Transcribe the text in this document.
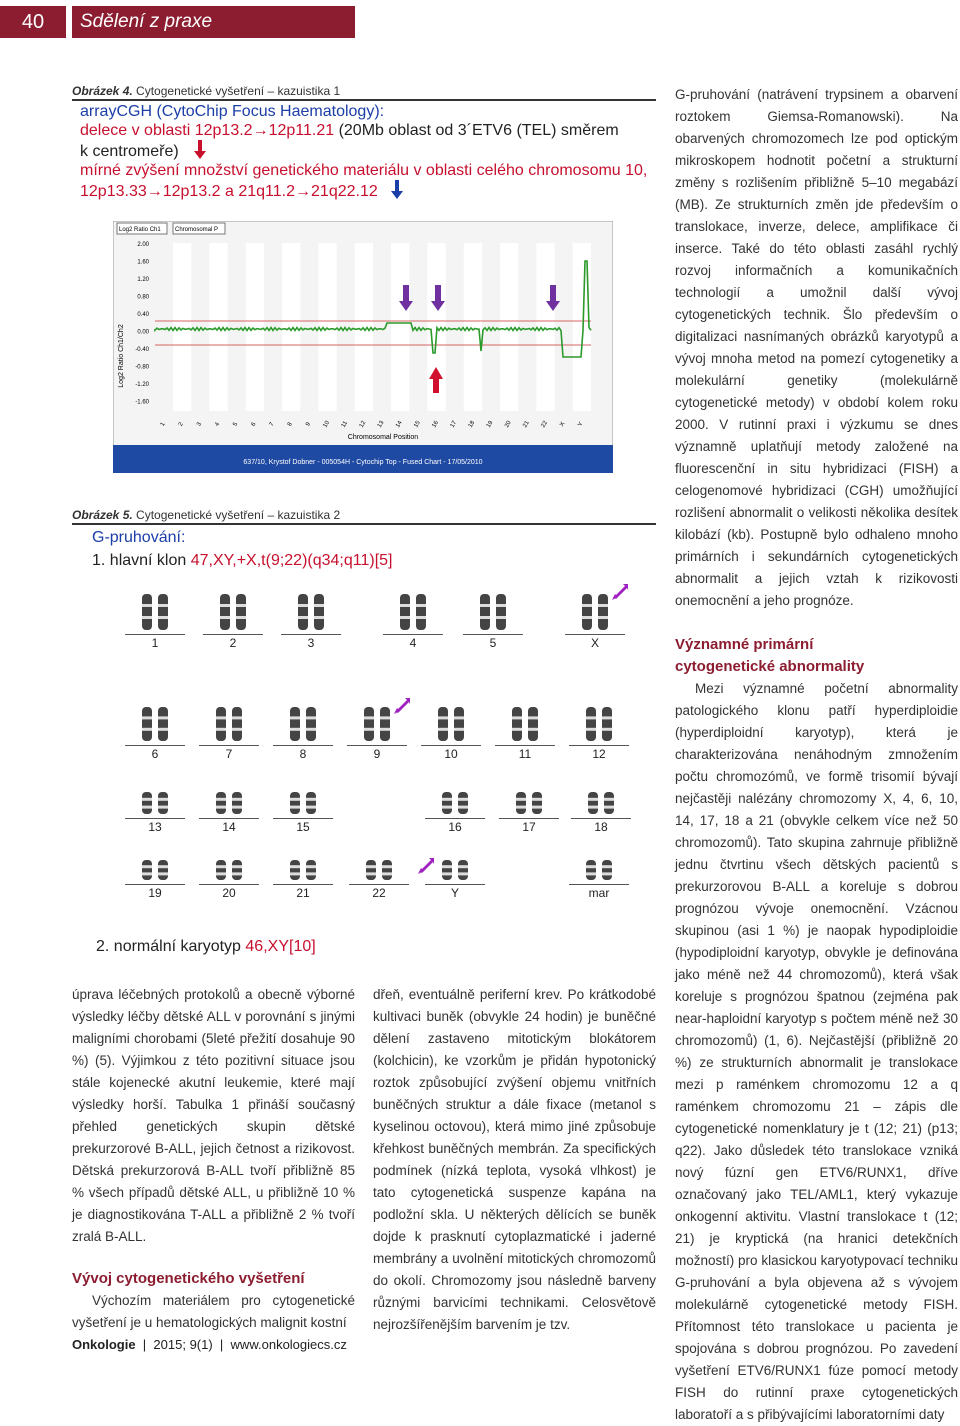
40	Sdělení z praxe
Obrázek 4. Cytogenetické vyšetření – kazuistika 1
arrayCGH (CytoChip Focus Haematology):
delece v oblasti 12p13.2→12p11.21 (20Mb oblast od 3´ETV6 (TEL) směrem
k centromeře)
mírné zvýšení množství genetického materiálu v oblasti celého chromosomu 10,
12p13.33→12p13.2 a 21q11.2→21q22.12
Log2 Ratio Ch1 Chromosomal P
Log2 Ratio Ch1/Ch2
2.00
1.60
1.20
0.80
0.40
0.00
-0.40
-0.80
-1.20
-1.60
1 2 3 4 5 6 7 8 9 10 11 12 13 14 15 16 17 18 19 20 21 22 X Y
Chromosomal Position
637/10, Krystof Dobner - 005054H - Cytochip Top - Fused Chart - 17/05/2010
Obrázek 5. Cytogenetické vyšetření – kazuistika 2
G-pruhování:
1. hlavní klon 47,XY,+X,t(9;22)(q34;q11)[5]
1	2	3	4	5	X
6	7	8	9	10	11	12
13	14	15	16	17	18
19	20	21	22	Y	mar
2. normální karyotyp 46,XY[10]

úprava léčebných protokolů a obecně výborné výsledky léčby dětské ALL v porovnání s jinými maligními chorobami (5leté přežití dosahuje 90 %) (5). Výjimkou z této pozitivní situace jsou stále kojenecké akutní leukemie, které mají výsledky horší. Tabulka 1 přináší současný přehled genetických skupin dětské prekurzorové B-ALL, jejich četnost a rizikovost. Dětská prekurzorová B-ALL tvoří přibližně 85 % všech případů dětské ALL, u přibližně 10 % je diagnostikována T-ALL a přibližně 2 % tvoří zralá B-ALL.

Vývoj cytogenetického vyšetření

Výchozím materiálem pro cytogenetické vyšetření je u hematologických malignit kostní

dřeň, eventuálně periferní krev. Po krátkodobé kultivaci buněk (obvykle 24 hodin) je buněčné dělení zastaveno mitotickým blokátorem (kolchicin), ke vzorkům je přidán hypotonický roztok způsobující zvýšení objemu vnitřních buněčných struktur a dále fixace (metanol s kyselinou octovou), která mimo jiné způsobuje křehkost buněčných membrán. Za specifických podmínek (nízká teplota, vysoká vlhkost) je tato cytogenetická suspenze kapána na podložní skla. U některých dělících se buněk dojde k prasknutí cytoplazmatické i jaderné membrány a uvolnění mitotických chromozomů do okolí. Chromozomy jsou následně barveny různými barvicími technikami. Celosvětově nejrozšířenějším barvením je tzv.

G-pruhování (natrávení trypsinem a obarvení roztokem Giemsa-Romanowski). Na obarvených chromozomech lze pod optickým mikroskopem hodnotit početní a strukturní změny s rozlišením přibližně 5–10 megabází (MB). Ze strukturních změn jde především o translokace, inverze, delece, amplifikace či inserce. Také do této oblasti zasáhl rychlý rozvoj informačních a komunikačních technologií a umožnil další vývoj cytogenetických technik. Šlo především o digitalizaci nasnímaných obrázků karyotypů a vývoj mnoha metod na pomezí cytogenetiky a molekulární genetiky (molekulárně cytogenetické metody) v období kolem roku 2000. V rutinní praxi i výzkumu se dnes významně uplatňují metody založené na fluorescenční in situ hybridizaci (FISH) a celogenomové hybridizaci (CGH) umožňující rozlišení abnormalit o velikosti několika desítek kilobází (kb). Postupně bylo odhaleno mnoho primárních i sekundárních cytogenetických abnormalit a jejich vztah k rizikovosti onemocnění a jeho prognóze.

Významné primární
cytogenetické abnormality

Mezi významné početní abnormality patologického klonu patří hyperdiploidie (hyperdiploidní karyotyp), která je charakterizována nenáhodným zmnožením počtu chromozómů, ve formě trisomií bývají nejčastěji nalézány chromozomy X, 4, 6, 10, 14, 17, 18 a 21 (obvykle celkem více než 50 chromozomů). Tato skupina zahrnuje přibližně jednu čtvrtinu všech dětských pacientů s prekurzorovou B-ALL a koreluje s dobrou prognózou vývoje onemocnění. Vzácnou skupinou (asi 1 %) je naopak hypodiploidie (hypodiploidní karyotyp, obvykle je definována jako méně než 44 chromozomů), která však koreluje s prognózou špatnou (zejména pak near-haploidní karyotyp s počtem méně než 30 chromozomů) (1, 6). Nejčastější (přibližně 20 %) ze strukturních abnormalit je translokace mezi p raménkem chromozomu 12 a q raménkem chromozomu 21 – zápis dle cytogenetické nomenklatury je t (12; 21) (p13; q22). Jako důsledek této translokace vzniká nový fúzní gen ETV6/RUNX1, dříve označovaný jako TEL/AML1, který vykazuje onkogenní aktivitu. Vlastní translokace t (12; 21) je kryptická (na hranici detekčních možností) pro klasickou karyotypovací techniku G-pruhování a byla objevena až s vývojem molekulárně cytogenetické metody FISH. Přítomnost této translokace u pacienta je spojována s dobrou prognózou. Po zavedení vyšetření ETV6/RUNX1 fúze pomocí metody FISH do rutinní praxe cytogenetických laboratoří a s přibývajícími laboratorními daty

Onkologie | 2015; 9(1) | www.onkologiecs.cz
